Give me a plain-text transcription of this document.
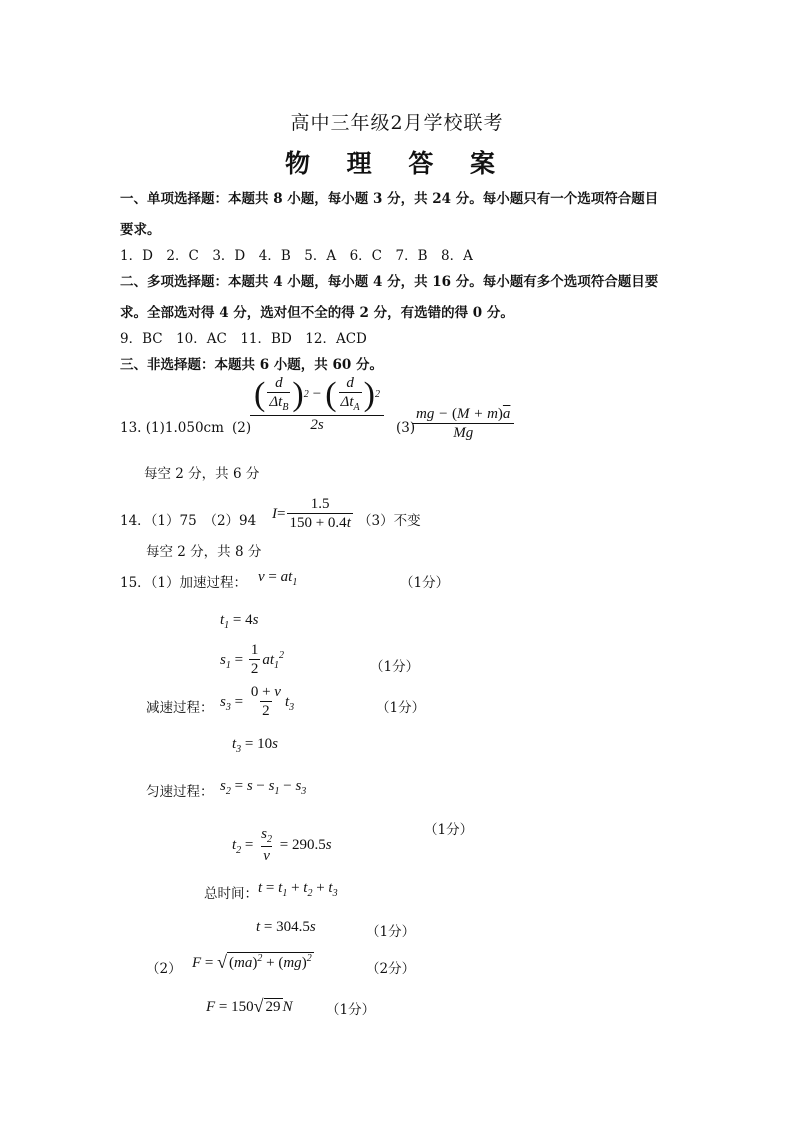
高中三年级2月学校联考
物 理 答 案
一、单项选择题：本题共 8 小题，每小题 3 分，共 24 分。每小题只有一个选项符合题目
要求。
1．D　2．C　3．D　4．B　5．A　6．C　7．B　8．A
二、多项选择题：本题共 4 小题，每小题 4 分，共 16 分。每小题有多个选项符合题目要
求。全部选对得 4 分，选对但不全的得 2 分，有选错的得 0 分。
9．BC　10．AC　11．BD　12．ACD
三、非选择题：本题共 6 小题，共 60 分。
13. (1)1.050cm $(2) \frac{( \frac{d}{\Delta t_B} ) 2 - ( \frac{d}{\Delta t_A} ) 2}{2s} (3)$
$\frac{mg - (M + m)\overline{a}}{Mg}$
每空 2 分，共 6 分
14．（1）75　（2）94 $I= \frac{1.5}{150 + 0.4t} (3)$不变
每空 2 分，共 8 分
15．（1）加速过程： $v = at_1$	（1分）
$t_1 = 4s$
$s_1 = \frac{1}{2} at_1^2$
（1分）
减速过程： $s_3 = \frac{0 + v}{2} t_3$	（1分）
$t_3 = 10s$
匀速过程： $s_2 = s - s_1 - s_3$
（1分）
$t_2 = \frac{s_2}{v} = 290.5s$
总时间： $t = t_1 + t_2 + t_3$
t = 304.5s	（1分）
（2） F = √ (ma)$^2$ + (mg)$^2$
（2分）
F = 150√ 29 N （1分）
